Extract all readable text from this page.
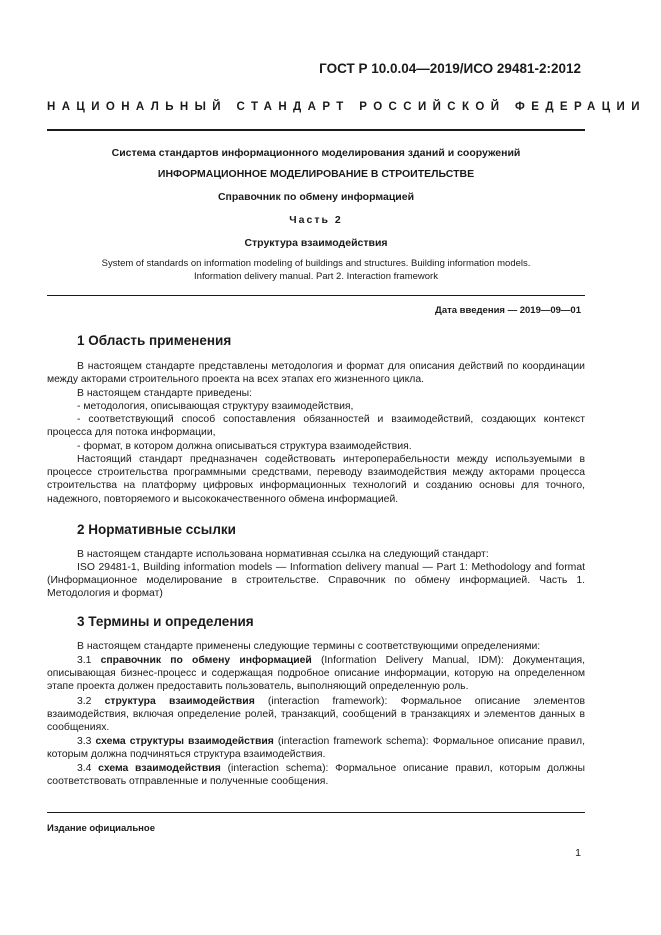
ГОСТ Р 10.0.04—2019/ИСО 29481-2:2012
НАЦИОНАЛЬНЫЙ СТАНДАРТ РОССИЙСКОЙ ФЕДЕРАЦИИ
Система стандартов информационного моделирования зданий и сооружений
ИНФОРМАЦИОННОЕ МОДЕЛИРОВАНИЕ В СТРОИТЕЛЬСТВЕ
Справочник по обмену информацией
Часть 2
Структура взаимодействия
System of standards on information modeling of buildings and structures. Building information models.
Information delivery manual. Part 2. Interaction framework
Дата введения — 2019—09—01
1 Область применения

В настоящем стандарте представлены методология и формат для описания действий по координации между акторами строительного проекта на всех этапах его жизненного цикла.

В настоящем стандарте приведены:

- методология, описывающая структуру взаимодействия,

- соответствующий способ сопоставления обязанностей и взаимодействий, создающих контекст процесса для потока информации,

- формат, в котором должна описываться структура взаимодействия.

Настоящий стандарт предназначен содействовать интероперабельности между используемыми в процессе строительства программными средствами, переводу взаимодействия между акторами процесса строительства на платформу цифровых информационных технологий и созданию основы для точного, надежного, повторяемого и высококачественного обмена информацией.

2 Нормативные ссылки

В настоящем стандарте использована нормативная ссылка на следующий стандарт:

ISO 29481-1, Building information models — Information delivery manual — Part 1: Methodology and format (Информационное моделирование в строительстве. Справочник по обмену информацией. Часть 1. Методология и формат)

3 Термины и определения

В настоящем стандарте применены следующие термины с соответствующими определениями:

3.1 справочник по обмену информацией (Information Delivery Manual, IDM): Документация, описывающая бизнес-процесс и содержащая подробное описание информации, которую на определенном этапе проекта должен предоставить пользователь, выполняющий определенную роль.

3.2 структура взаимодействия (interaction framework): Формальное описание элементов взаимодействия, включая определение ролей, транзакций, сообщений в транзакциях и элементов данных в сообщениях.

3.3 схема структуры взаимодействия (interaction framework schema): Формальное описание правил, которым должна подчиняться структура взаимодействия.

3.4 схема взаимодействия (interaction schema): Формальное описание правил, которым должны соответствовать отправленные и полученные сообщения.

Издание официальное
1
